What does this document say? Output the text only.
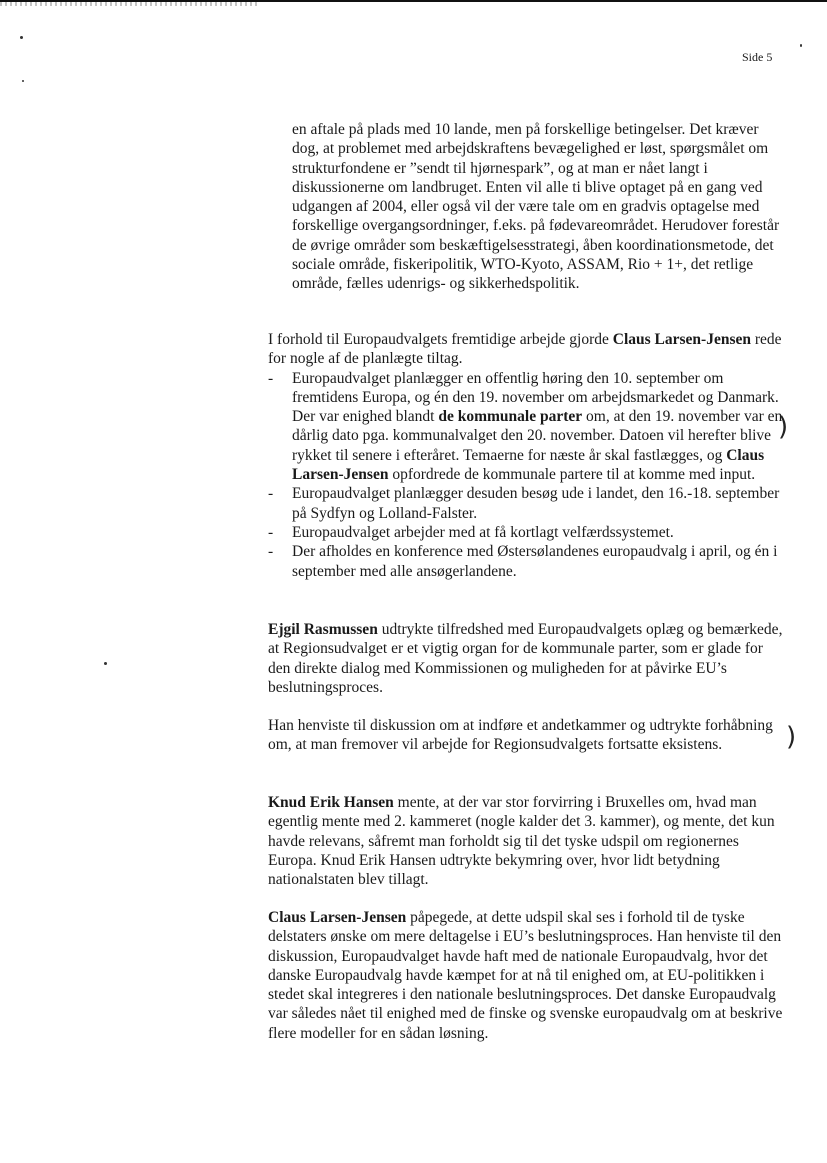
Side 5

en aftale på plads med 10 lande, men på forskellige betingelser. Det kræver dog, at problemet med arbejdskraftens bevægelighed er løst, spørgsmålet om strukturfondene er ”sendt til hjørnespark”, og at man er nået langt i diskussionerne om landbruget. Enten vil alle ti blive optaget på en gang ved udgangen af 2004, eller også vil der være tale om en gradvis optagelse med forskellige overgangsordninger, f.eks. på fødevareområdet. Herudover forestår de øvrige områder som beskæftigelsesstrategi, åben koordinationsmetode, det sociale område, fiskeripolitik, WTO-Kyoto, ASSAM, Rio + 1+, det retlige område, fælles udenrigs- og sikkerhedspolitik.

I forhold til Europaudvalgets fremtidige arbejde gjorde Claus Larsen-Jensen rede for nogle af de planlægte tiltag.

- Europaudvalget planlægger en offentlig høring den 10. september om fremtidens Europa, og én den 19. november om arbejdsmarkedet og Danmark. Der var enighed blandt de kommunale parter om, at den 19. november var en dårlig dato pga. kommunalvalget den 20. november. Datoen vil herefter blive rykket til senere i efteråret. Temaerne for næste år skal fastlægges, og Claus Larsen-Jensen opfordrede de kommunale partere til at komme med input.
- Europaudvalget planlægger desuden besøg ude i landet, den 16.-18. september på Sydfyn og Lolland-Falster.
- Europaudvalget arbejder med at få kortlagt velfærdssystemet.
- Der afholdes en konference med Østersølandenes europaudvalg i april, og én i september med alle ansøgerlandene.

Ejgil Rasmussen udtrykte tilfredshed med Europaudvalgets oplæg og bemærkede, at Regionsudvalget er et vigtig organ for de kommunale parter, som er glade for den direkte dialog med Kommissionen og muligheden for at påvirke EU’s beslutningsproces.

Han henviste til diskussion om at indføre et andetkammer og udtrykte forhåbning om, at man fremover vil arbejde for Regionsudvalgets fortsatte eksistens.

Knud Erik Hansen mente, at der var stor forvirring i Bruxelles om, hvad man egentlig mente med 2. kammeret (nogle kalder det 3. kammer), og mente, det kun havde relevans, såfremt man forholdt sig til det tyske udspil om regionernes Europa. Knud Erik Hansen udtrykte bekymring over, hvor lidt betydning nationalstaten blev tillagt.

Claus Larsen-Jensen påpegede, at dette udspil skal ses i forhold til de tyske delstaters ønske om mere deltagelse i EU’s beslutningsproces. Han henviste til den diskussion, Europaudvalget havde haft med de nationale Europaudvalg, hvor det danske Europaudvalg havde kæmpet for at nå til enighed om, at EU-politikken i stedet skal integreres i den nationale beslutningsproces. Det danske Europaudvalg var således nået til enighed med de finske og svenske europaudvalg om at beskrive flere modeller for en sådan løsning.

)
)
